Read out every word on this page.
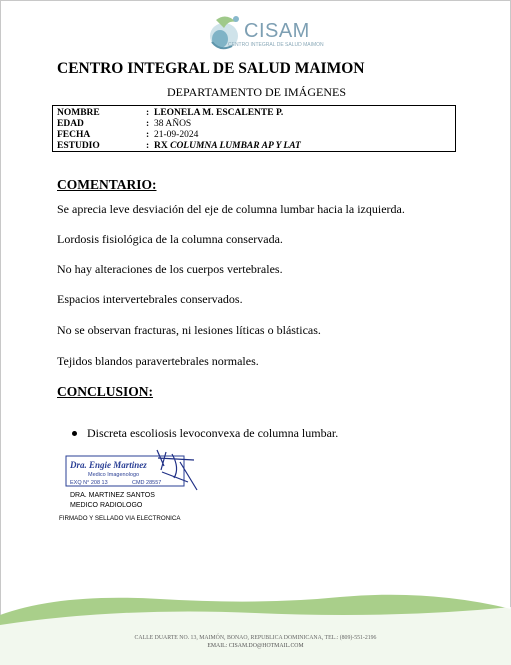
CISAM
CENTRO INTEGRAL DE SALUD MAIMON
CENTRO INTEGRAL DE SALUD MAIMON
DEPARTAMENTO DE IMÁGENES
NOMBRE	: LEONELA M. ESCALENTE P.
EDAD	: 38 AÑOS
FECHA	: 21-09-2024
ESTUDIO	: RX COLUMNA LUMBAR AP Y LAT
COMENTARIO:
Se aprecia leve desviación del eje de columna lumbar hacia la izquierda.
Lordosis fisiológica de la columna conservada.
No hay alteraciones de los cuerpos vertebrales.
Espacios intervertebrales conservados.
No se observan fracturas, ni lesiones líticas o blásticas.
Tejidos blandos paravertebrales normales.
CONCLUSION:
Discreta escoliosis levoconvexa de columna lumbar.
Dra. Engie Martinez
Medico Imagenologo
EXQ N° 208 13	CMD 28557
DRA. MARTINEZ SANTOS
MEDICO RADIOLOGO
FIRMADO Y SELLADO VIA ELECTRONICA
CALLE DUARTE NO. 13, MAIMÓN, BONAO, REPUBLICA DOMINICANA, TEL.: (809)-551-2196
EMAIL: CISAM.DO@HOTMAIL.COM
